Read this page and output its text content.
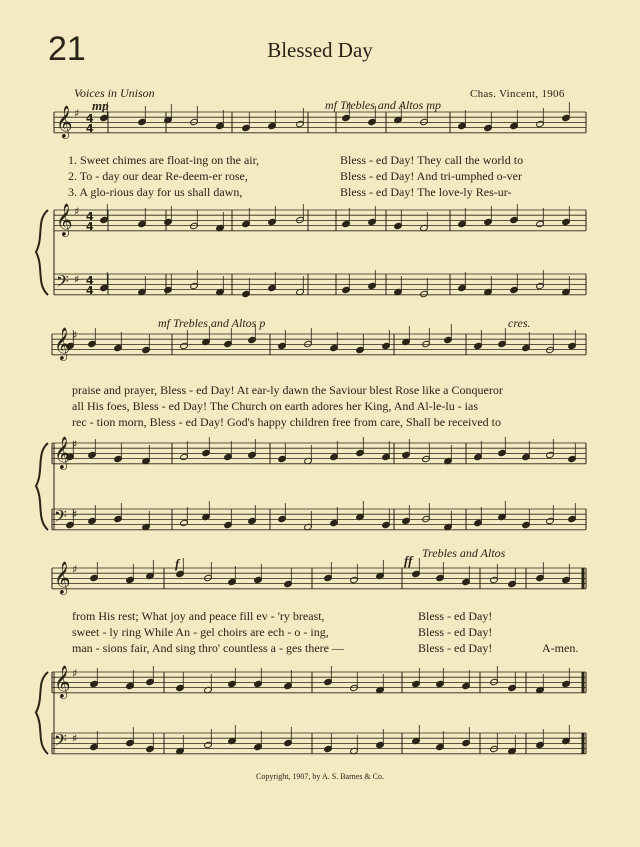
21	Blessed Day
Chas. Vincent, 1906
𝄞 ♯ 4
4
𝄞 ♯ 4
4
𝄢 ♯ 4
4
𝄞 ♯
𝄞 ♯
𝄢 ♯
𝄞 ♯
𝄞 ♯
𝄢 ♯
Voices in Unison
mp	mf Trebles and Altos mp
mf Trebles and Altos p	cres.
f	ff Trebles and Altos
1. Sweet chimes are float-ing on the air,	Bless - ed Day! They call the world to
2. To - day our dear Re-deem-er rose,	Bless - ed Day! And tri-umphed o-ver
3. A glo-rious day for us shall dawn,	Bless - ed Day! The love-ly Res-ur-
praise and prayer, Bless - ed Day! At ear-ly dawn the Saviour blest Rose like a Conqueror
all His foes, Bless - ed Day! The Church on earth adores her King, And Al-le-lu - ias
rec - tion morn, Bless - ed Day! God's happy children free from care, Shall be received to
from His rest; What joy and peace fill ev - 'ry breast,	Bless - ed Day!
sweet - ly ring While An - gel choirs are ech - o - ing,	Bless - ed Day!
man - sions fair, And sing thro' countless a - ges there —	Bless - ed Day!	A-men.
Copyright, 1907, by A. S. Barnes & Co.
